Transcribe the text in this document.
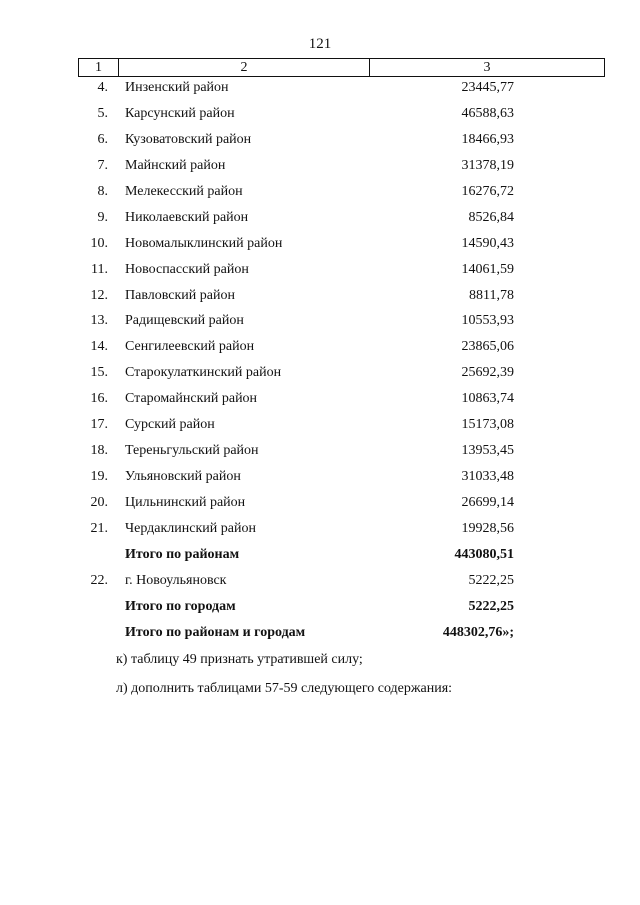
121
1	2	3
4. Инзенский район	23445,77
5. Карсунский район	46588,63
6. Кузоватовский район	18466,93
7. Майнский район	31378,19
8. Мелекесский район	16276,72
9. Николаевский район	8526,84
10. Новомалыклинский район	14590,43
11. Новоспасский район	14061,59
12. Павловский район	8811,78
13. Радищевский район	10553,93
14. Сенгилеевский район	23865,06
15. Старокулаткинский район	25692,39
16. Старомайнский район	10863,74
17. Сурский район	15173,08
18. Тереньгульский район	13953,45
19. Ульяновский район	31033,48
20. Цильнинский район	26699,14
21. Чердаклинский район	19928,56
Итого по районам	443080,51
22. г. Новоульяновск	5222,25
Итого по городам	5222,25
Итого по районам и городам	448302,76»;

к) таблицу 49 признать утратившей силу;

л) дополнить таблицами 57-59 следующего содержания:
